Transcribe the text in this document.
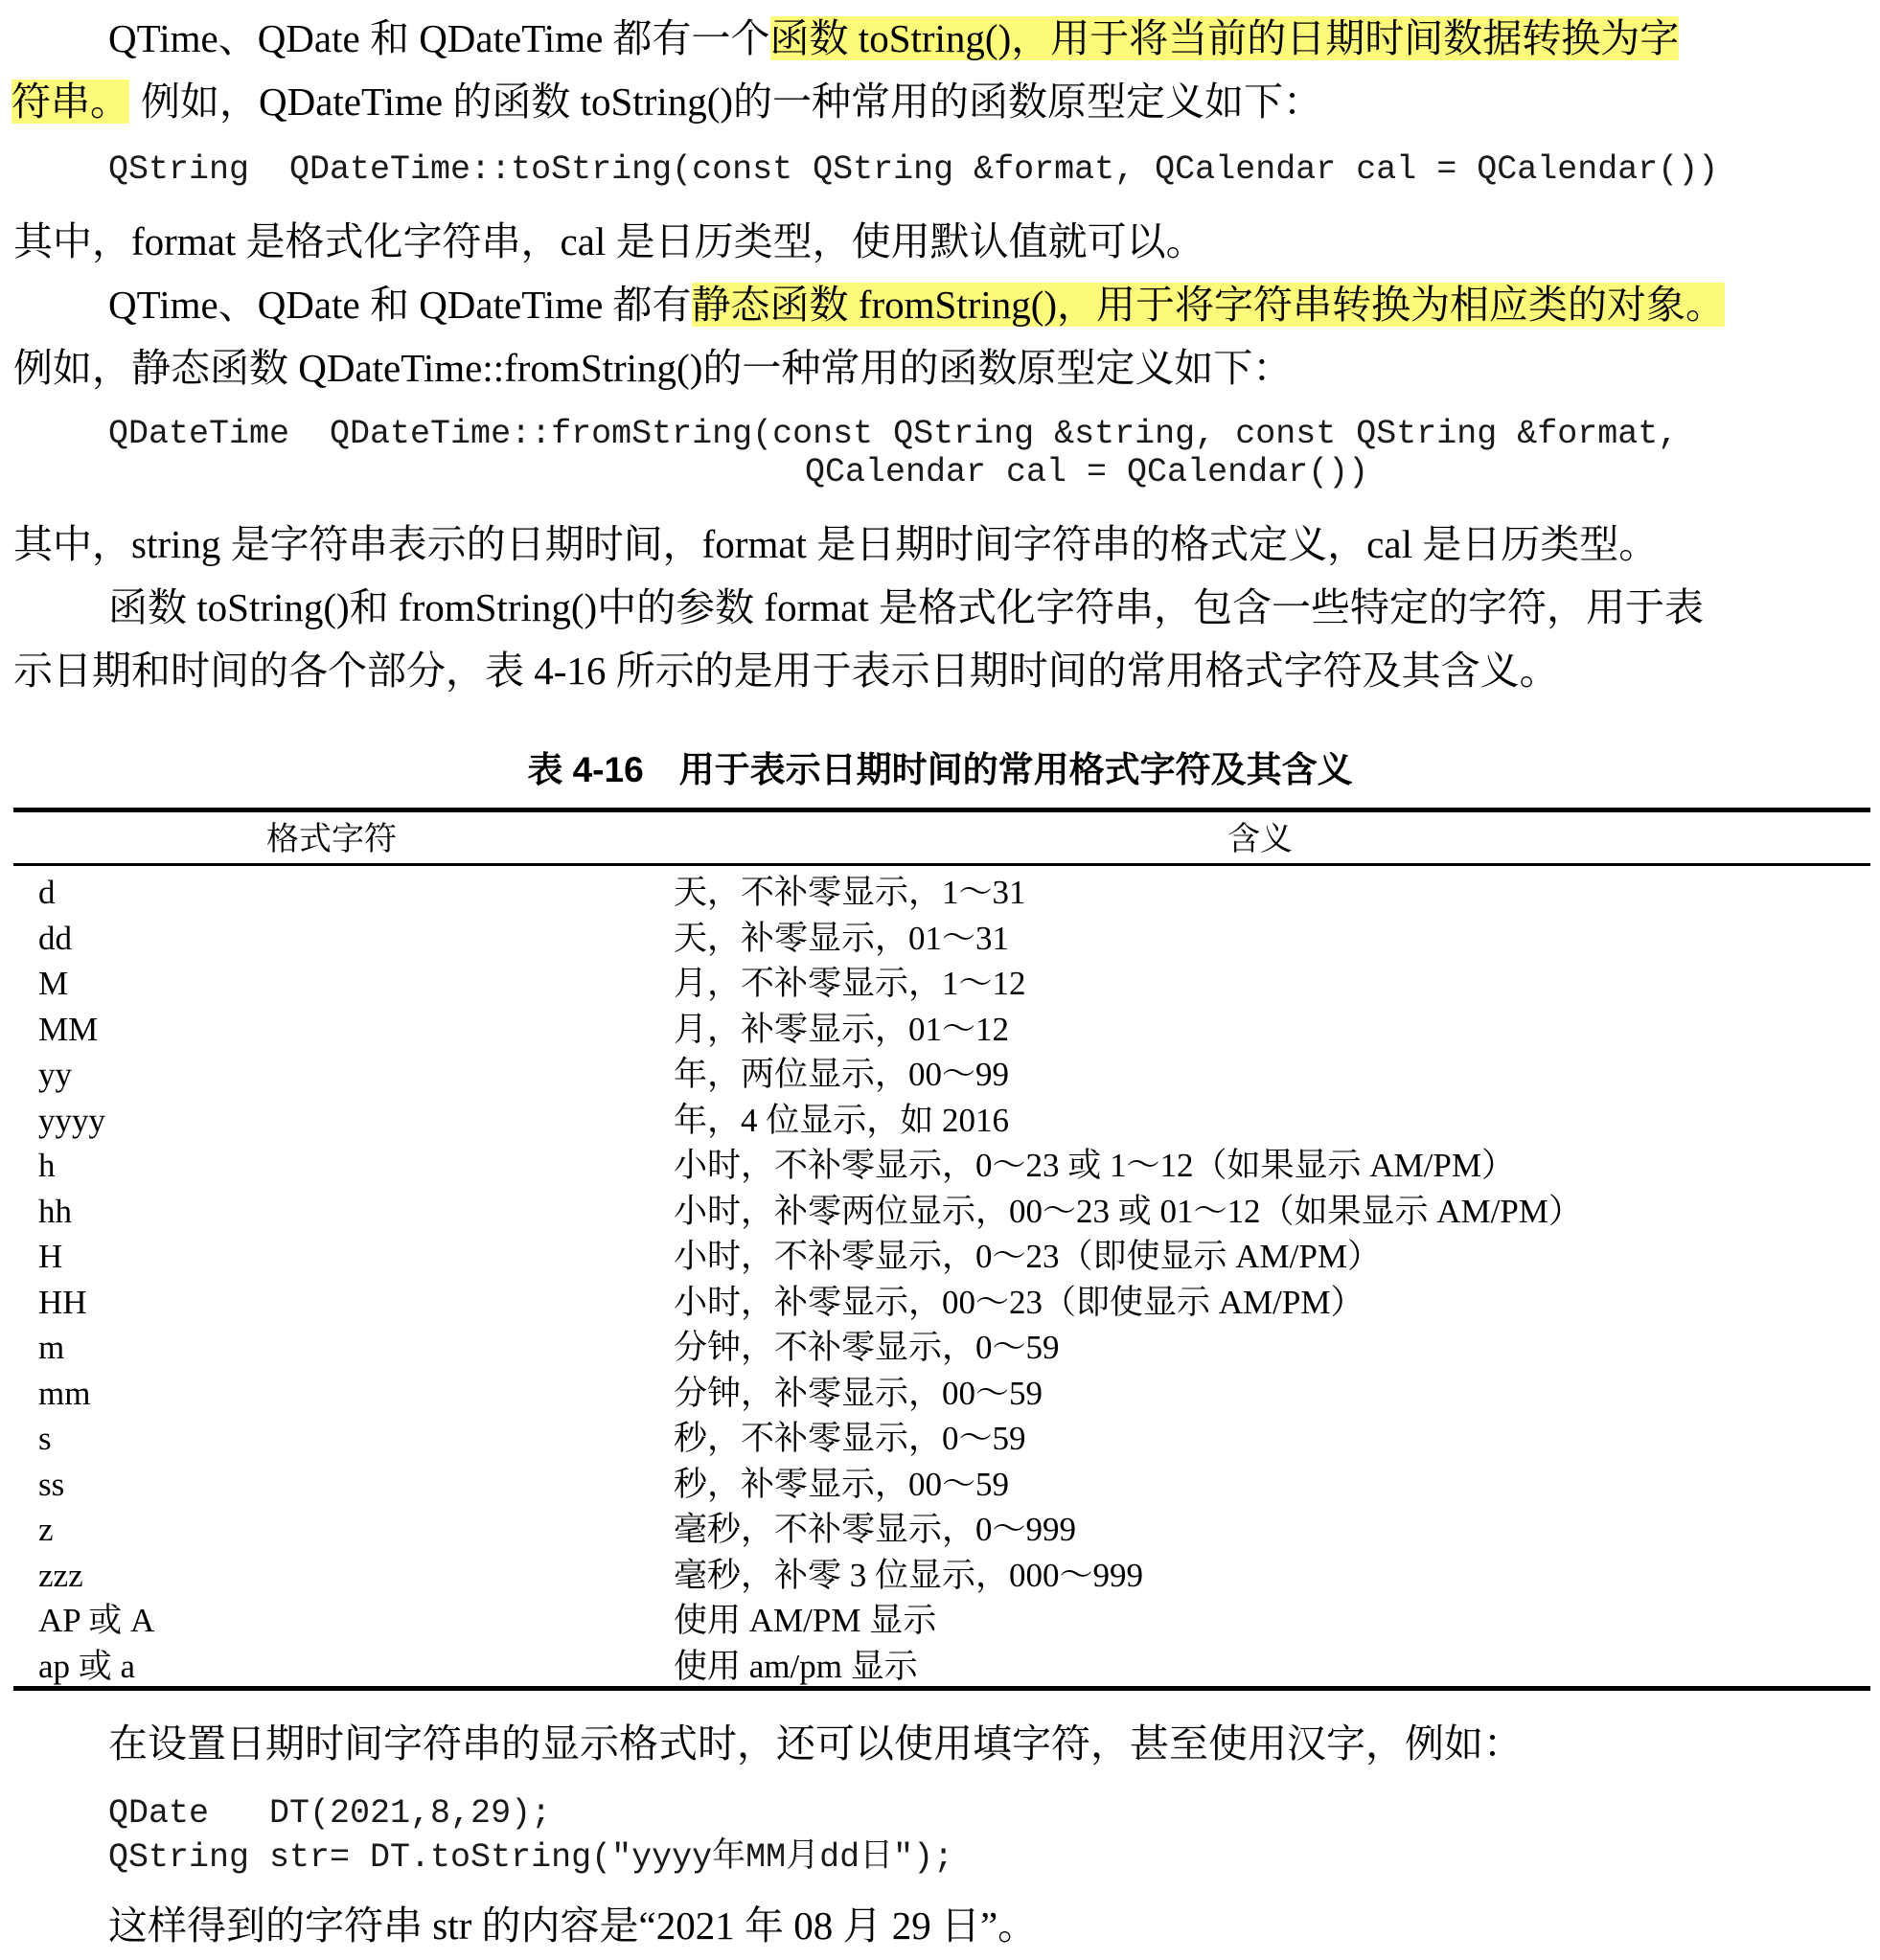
QTime、QDate 和 QDateTime 都有一个函数 toString()，用于将当前的日期时间数据转换为字
符串。 例如，QDateTime 的函数 toString()的一种常用的函数原型定义如下：
QString  QDateTime::toString(const QString &format, QCalendar cal = QCalendar())
其中，format 是格式化字符串，cal 是日历类型，使用默认值就可以。
QTime、QDate 和 QDateTime 都有静态函数 fromString()，用于将字符串转换为相应类的对象。
例如，静态函数 QDateTime::fromString()的一种常用的函数原型定义如下：
QDateTime  QDateTime::fromString(const QString &string, const QString &format,
QCalendar cal = QCalendar())
其中，string 是字符串表示的日期时间，format 是日期时间字符串的格式定义，cal 是日历类型。
函数 toString()和 fromString()中的参数 format 是格式化字符串，包含一些特定的字符，用于表
示日期和时间的各个部分，表 4-16 所示的是用于表示日期时间的常用格式字符及其含义。
表 4-16　用于表示日期时间的常用格式字符及其含义
格式字符	含义
d	天，不补零显示，1～31
dd	天，补零显示，01～31
M	月，不补零显示，1～12
MM	月，补零显示，01～12
yy	年，两位显示，00～99
yyyy	年，4 位显示，如 2016
h	小时，不补零显示，0～23 或 1～12（如果显示 AM/PM）
hh	小时，补零两位显示，00～23 或 01～12（如果显示 AM/PM）
H	小时，不补零显示，0～23（即使显示 AM/PM）
HH	小时，补零显示，00～23（即使显示 AM/PM）
m	分钟，不补零显示，0～59
mm	分钟，补零显示，00～59
s	秒，不补零显示，0～59
ss	秒，补零显示，00～59
z	毫秒，不补零显示，0～999
zzz	毫秒，补零 3 位显示，000～999
AP 或 A	使用 AM/PM 显示
ap 或 a	使用 am/pm 显示
在设置日期时间字符串的显示格式时，还可以使用填字符，甚至使用汉字，例如：
QDate   DT(2021,8,29);
QString str= DT.toString("yyyy年MM月dd日");
这样得到的字符串 str 的内容是“2021 年 08 月 29 日”。
